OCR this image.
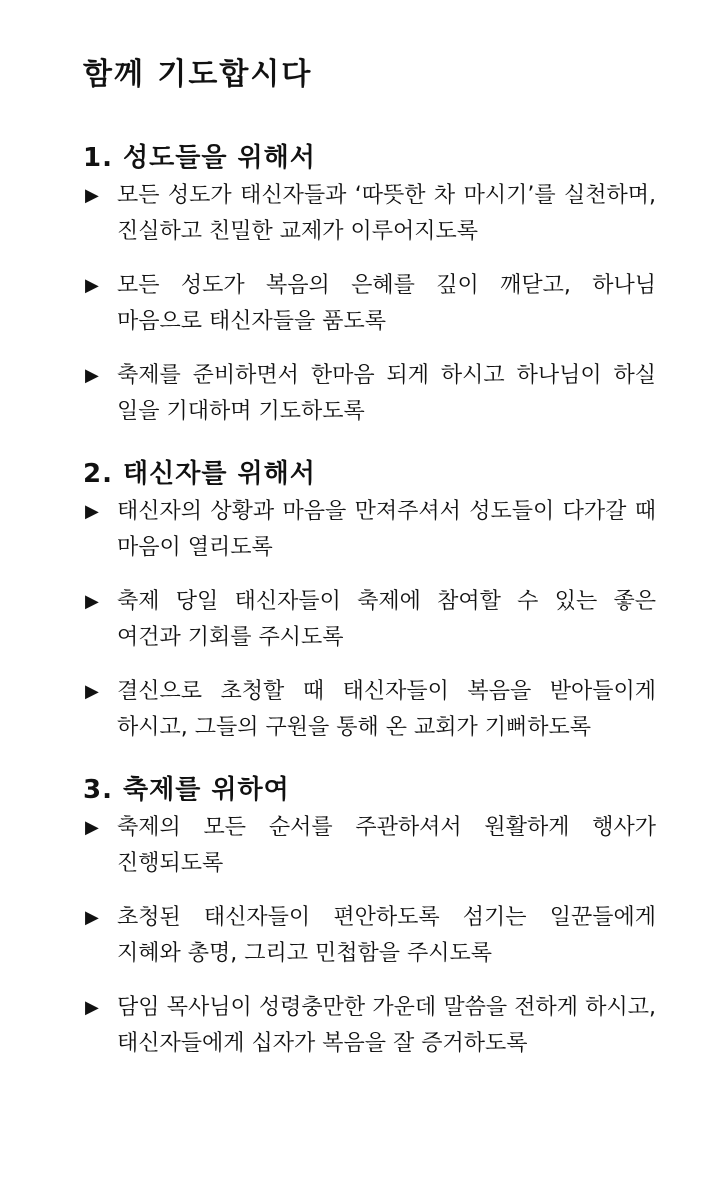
함께 기도합시다
1. 성도들을 위해서
▶ 모든 성도가 태신자들과 ‘따뜻한 차 마시기’를 실천하며, 진실하고 친밀한 교제가 이루어지도록
▶ 모든 성도가 복음의 은혜를 깊이 깨닫고, 하나님 마음으로 태신자들을 품도록
▶ 축제를 준비하면서 한마음 되게 하시고 하나님이 하실 일을 기대하며 기도하도록
2. 태신자를 위해서
▶ 태신자의 상황과 마음을 만져주셔서 성도들이 다가갈 때 마음이 열리도록
▶ 축제 당일 태신자들이 축제에 참여할 수 있는 좋은 여건과 기회를 주시도록
▶ 결신으로 초청할 때 태신자들이 복음을 받아들이게 하시고, 그들의 구원을 통해 온 교회가 기뻐하도록
3. 축제를 위하여
▶ 축제의 모든 순서를 주관하셔서 원활하게 행사가 진행되도록
▶ 초청된 태신자들이 편안하도록 섬기는 일꾼들에게 지혜와 총명, 그리고 민첩함을 주시도록
▶ 담임 목사님이 성령충만한 가운데 말씀을 전하게 하시고, 태신자들에게 십자가 복음을 잘 증거하도록
